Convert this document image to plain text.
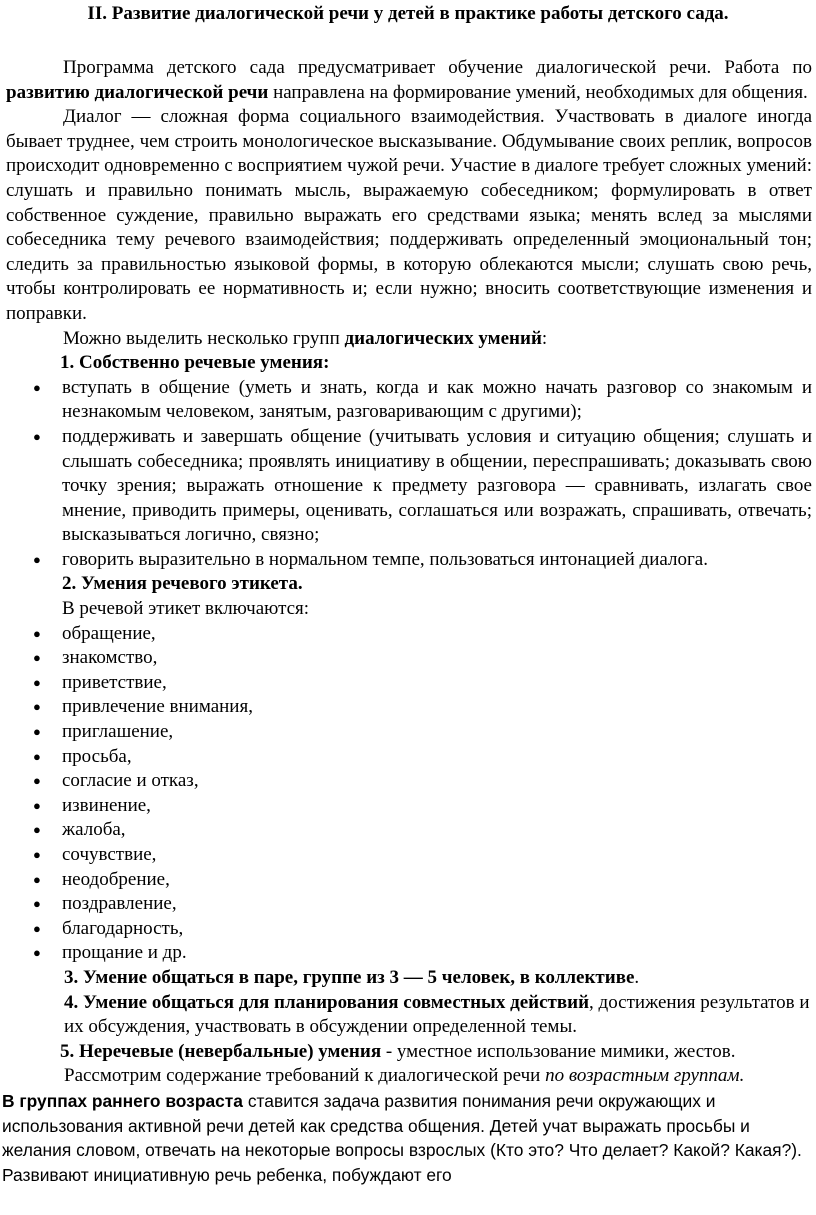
II. Развитие диалогической речи у детей в практике работы детского сада.

Программа детского сада предусматривает обучение диалогической речи. Работа по развитию диалогической речи направлена на формирование умений, необходимых для общения.

Диалог — сложная форма социального взаимодействия. Участвовать в диалоге иногда бывает труднее, чем строить монологическое высказывание. Обдумывание своих реплик, вопросов происходит одновременно с восприятием чужой речи. Участие в диалоге требует сложных умений: слушать и правильно понимать мысль, выражаемую собеседником; формулировать в ответ собственное суждение, правильно выражать его средствами языка; менять вслед за мыслями собеседника тему речевого взаимодействия; поддерживать определенный эмоциональный тон; следить за правильностью языковой формы, в которую облекаются мысли; слушать свою речь, чтобы контролировать ее нормативность и; если нужно; вносить соответствующие изменения и поправки.

Можно выделить несколько групп диалогических умений:

1. Собственно речевые умения:

● вступать в общение (уметь и знать, когда и как можно начать разговор со знакомым и незнакомым человеком, занятым, разговаривающим с другими);
● поддерживать и завершать общение (учитывать условия и ситуацию общения; слушать и слышать собеседника; проявлять инициативу в общении, переспрашивать; доказывать свою точку зрения; выражать отношение к предмету разговора — сравнивать, излагать свое мнение, приводить примеры, оценивать, соглашаться или возражать, спрашивать, отвечать; высказываться логично, связно;
● говорить выразительно в нормальном темпе, пользоваться интонацией диалога.

2. Умения речевого этикета.

В речевой этикет включаются:

● обращение,
● знакомство,
● приветствие,
● привлечение внимания,
● приглашение,
● просьба,
● согласие и отказ,
● извинение,
● жалоба,
● сочувствие,
● неодобрение,
● поздравление,
● благодарность,
● прощание и др.

3. Умение общаться в паре, группе из 3 — 5 человек, в коллективе.

4. Умение общаться для планирования совместных действий, достижения результатов и их обсуждения, участвовать в обсуждении определенной темы.

5. Неречевые (невербальные) умения - уместное использование мимики, жестов.

Рассмотрим содержание требований к диалогической речи по возрастным группам.

В группах раннего возраста ставится задача развития понимания речи окружающих и использования активной речи детей как средства общения. Детей учат выражать просьбы и желания словом, отвечать на некоторые вопросы взрослых (Кто это? Что делает? Какой? Какая?). Развивают инициативную речь ребенка, побуждают его
